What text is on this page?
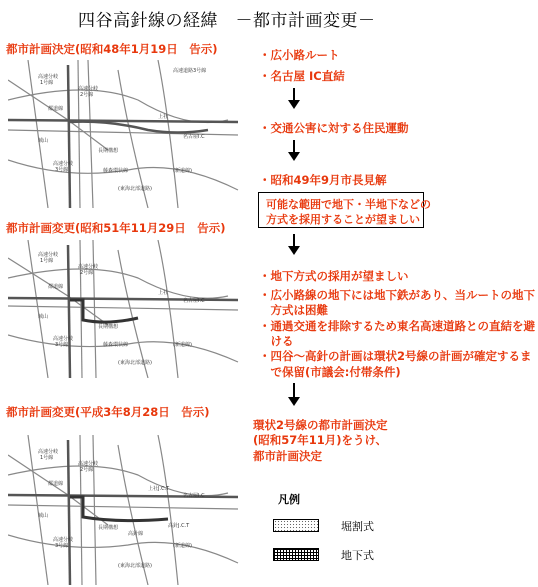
四谷高針線の経緯　－都市計画変更－
都市計画決定(昭和48年1月19日　告示)
高速分岐
1号線
高速分岐
2号線
都道線
上社
名古屋I.C
高速道路3号線
城山
長期構想
高速分岐
3号線	藤森環状線	(新道線)
(東海北部道路)
・広小路ルート
・名古屋 IC直結
・交通公害に対する住民運動
・昭和49年9月市長見解
可能な範囲で地下・半地下などの
方式を採用することが望ましい
都市計画変更(昭和51年11月29日　告示)
高速分岐
1号線
高速分岐
2号線
都道線
上社
名古屋I.C
城山
長期構想
高速分岐
3号線	藤森環状線	(新道線)
(東海北部道路)
・地下方式の採用が望ましい
・広小路線の地下には地下鉄があり、当ルートの地下
　方式は困難
・通過交通を排除するため東名高速道路との直結を避
　ける
・四谷～高針の計画は環状2号線の計画が確定するま
　で保留(市議会:付帯条件)
都市計画変更(平成3年8月28日　告示)
高速分岐
1号線
高速分岐
2号線
都道線
上社J.C.T
名古屋I.C
城山
長期構想
高速分岐
3号線
高針J.C.T
高針線
(新道線)
(東海北部道路)
環状2号線の都市計画決定
(昭和57年11月)をうけ、
都市計画決定
凡例
堀割式
地下式
